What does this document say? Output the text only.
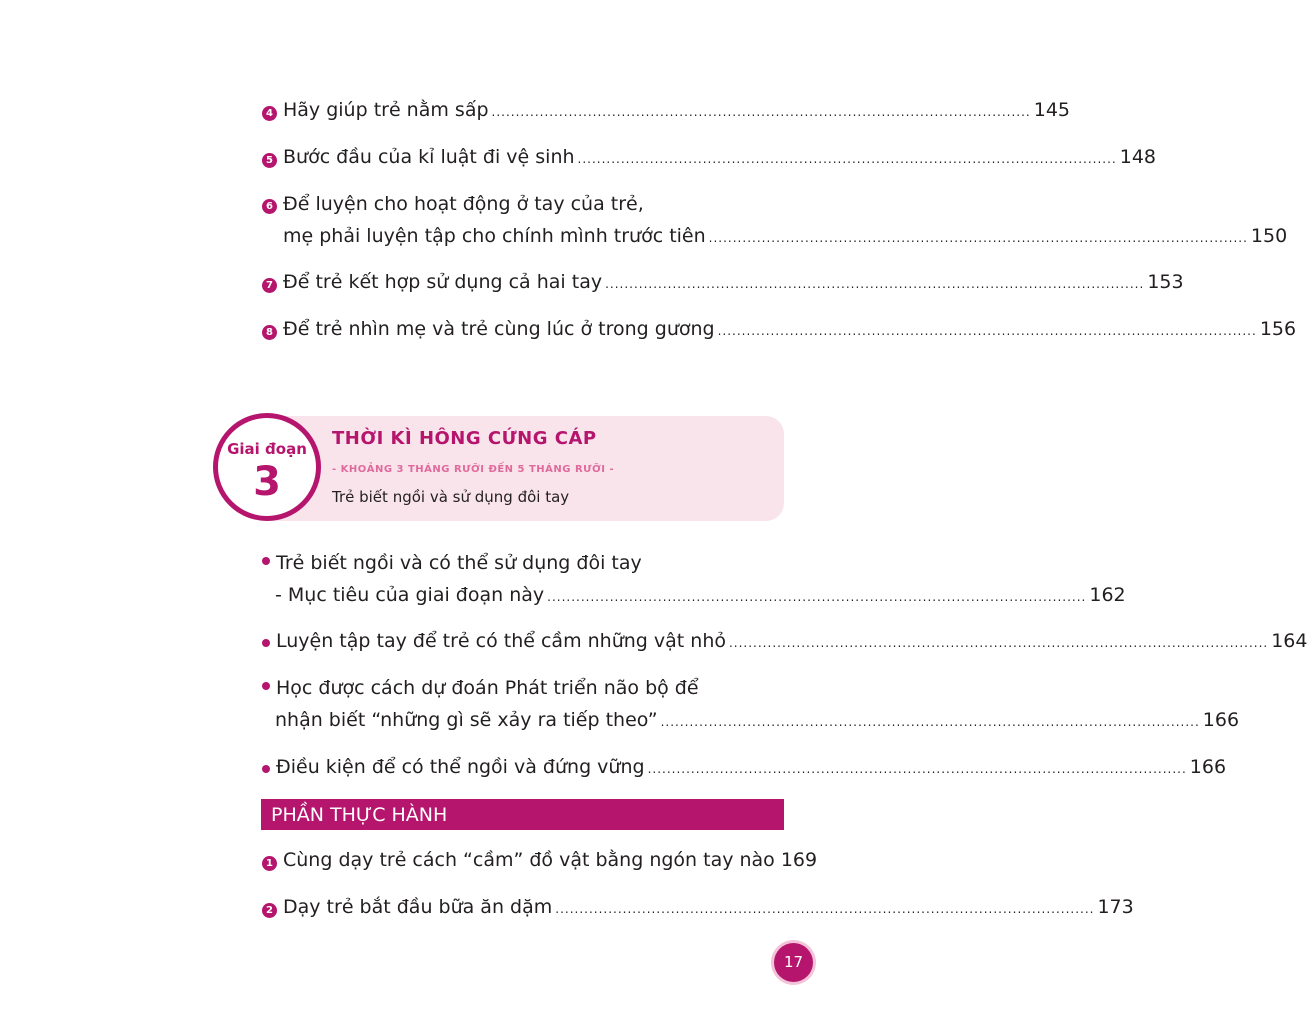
4 Hãy giúp trẻ nằm sấp ................................................................................................................ 145
5 Bước đầu của kỉ luật đi vệ sinh ................................................................................................................ 148
6 Để luyện cho hoạt động ở tay của trẻ,
mẹ phải luyện tập cho chính mình trước tiên ................................................................................................................ 150
7 Để trẻ kết hợp sử dụng cả hai tay ................................................................................................................ 153
8 Để trẻ nhìn mẹ và trẻ cùng lúc ở trong gương ................................................................................................................ 156
Giai đoạn
3
THỜI KÌ HÔNG CỨNG CÁP
- KHOẢNG 3 THÁNG RƯỠI ĐẾN 5 THÁNG RƯỠI -
Trẻ biết ngồi và sử dụng đôi tay
Trẻ biết ngồi và có thể sử dụng đôi tay
- Mục tiêu của giai đoạn này ................................................................................................................ 162
Luyện tập tay để trẻ có thể cầm những vật nhỏ ................................................................................................................ 164
Học được cách dự đoán Phát triển não bộ để
nhận biết “những gì sẽ xảy ra tiếp theo” ................................................................................................................ 166
Điều kiện để có thể ngồi và đứng vững ................................................................................................................ 166
PHẦN THỰC HÀNH
1 Cùng dạy trẻ cách “cầm” đồ vật bằng ngón tay nào 169
2 Dạy trẻ bắt đầu bữa ăn dặm ................................................................................................................ 173
17
